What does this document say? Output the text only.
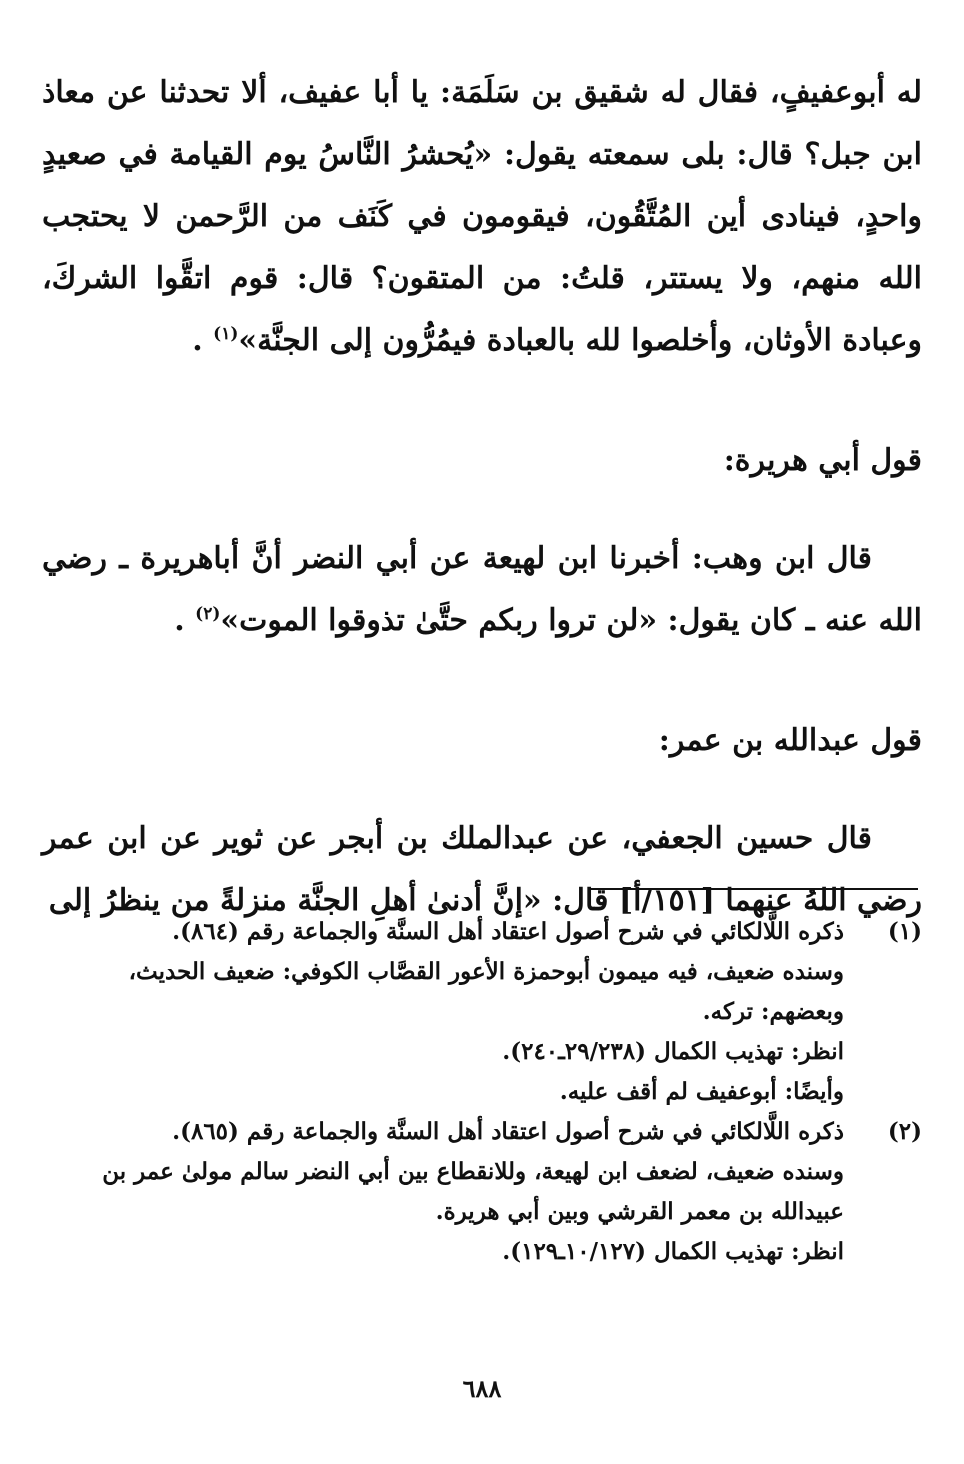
له أبوعفيفٍ، فقال له شقيق بن سَلَمَة: يا أبا عفيف، ألا تحدثنا عن معاذ ابن جبل؟ قال: بلى سمعته يقول: «يُحشرُ النَّاسُ يوم القيامة في صعيدٍ واحدٍ، فينادى أين المُتَّقُون، فيقومون في كَنَف من الرَّحمن لا يحتجب الله منهم، ولا يستتر، قلتُ: من المتقون؟ قال: قوم اتقَّوا الشركَ، وعبادة الأوثان، وأخلصوا لله بالعبادة فيمُرُّون إلى الجنَّة»$^{(١)}$ .

قول أبي هريرة:

قال ابن وهب: أخبرنا ابن لهيعة عن أبي النضر أنَّ أباهريرة ـ رضي الله عنه ـ كان يقول: «لن تروا ربكم حتَّىٰ تذوقوا الموت»$^{(٢)}$ .

قول عبدالله بن عمر:

قال حسين الجعفي، عن عبدالملك بن أبجر عن ثوير عن ابن عمر رضي اللهُ عنهما [١٥١/أ] قال: «إنَّ أدنىٰ أهلِ الجنَّة منزلةً من ينظرُ إلى

(١)

ذكره اللَّالكائي في شرح أصول اعتقاد أهل السنَّة والجماعة رقم (٨٦٤).

وسنده ضعيف، فيه ميمون أبوحمزة الأعور القصَّاب الكوفي: ضعيف الحديث، وبعضهم: تركه.

انظر: تهذيب الكمال (٢٩/٢٣٨ـ٢٤٠).

وأيضًا: أبوعفيف لم أقف عليه.

(٢)

ذكره اللَّالكائي في شرح أصول اعتقاد أهل السنَّة والجماعة رقم (٨٦٥).

وسنده ضعيف، لضعف ابن لهيعة، وللانقطاع بين أبي النضر سالم مولىٰ عمر بن عبيدالله بن معمر القرشي وبين أبي هريرة.

انظر: تهذيب الكمال (١٠/١٢٧ـ١٢٩).

٦٨٨
